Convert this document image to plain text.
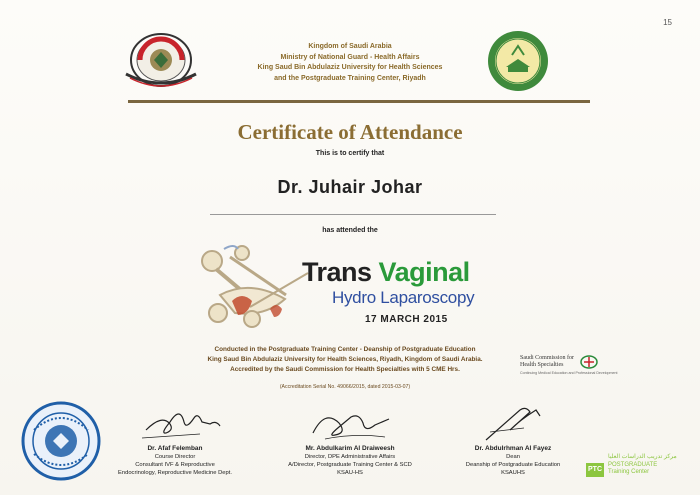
15
Kingdom of Saudi Arabia
Ministry of National Guard - Health Affairs
King Saud Bin Abdulaziz University for Health Sciences
and the Postgraduate Training Center, Riyadh
Certificate of Attendance
This is to certify that
Dr. Juhair Johar
has attended the
Trans Vaginal
Hydro Laparoscopy
17 MARCH 2015
Conducted in the Postgraduate Training Center - Deanship of Postgraduate Education
King Saud Bin Abdulaziz University for Health Sciences, Riyadh, Kingdom of Saudi Arabia.
Accredited by the Saudi Commission for Health Specialties with 5 CME Hrs.
(Accreditation Serial No. 49066/2015, dated 2015-03-07)
Saudi Commission for Health Specialties
Continuing Medical Education and Professional Development
Dr. Afaf Felemban
Course Director
Consultant IVF & Reproductive
Endocrinology, Reproductive Medicine Dept.
Mr. Abdulkarim Al Draiweesh
Director, DPE Administrative Affairs
A/Director, Postgraduate Training Center & SCD
KSAU-HS
Dr. Abdulrhman Al Fayez
Dean
Deanship of Postgraduate Education
KSAUHS
مركز تدريب الدراسات العليا
PTC
POSTGRADUATE
Training Center
